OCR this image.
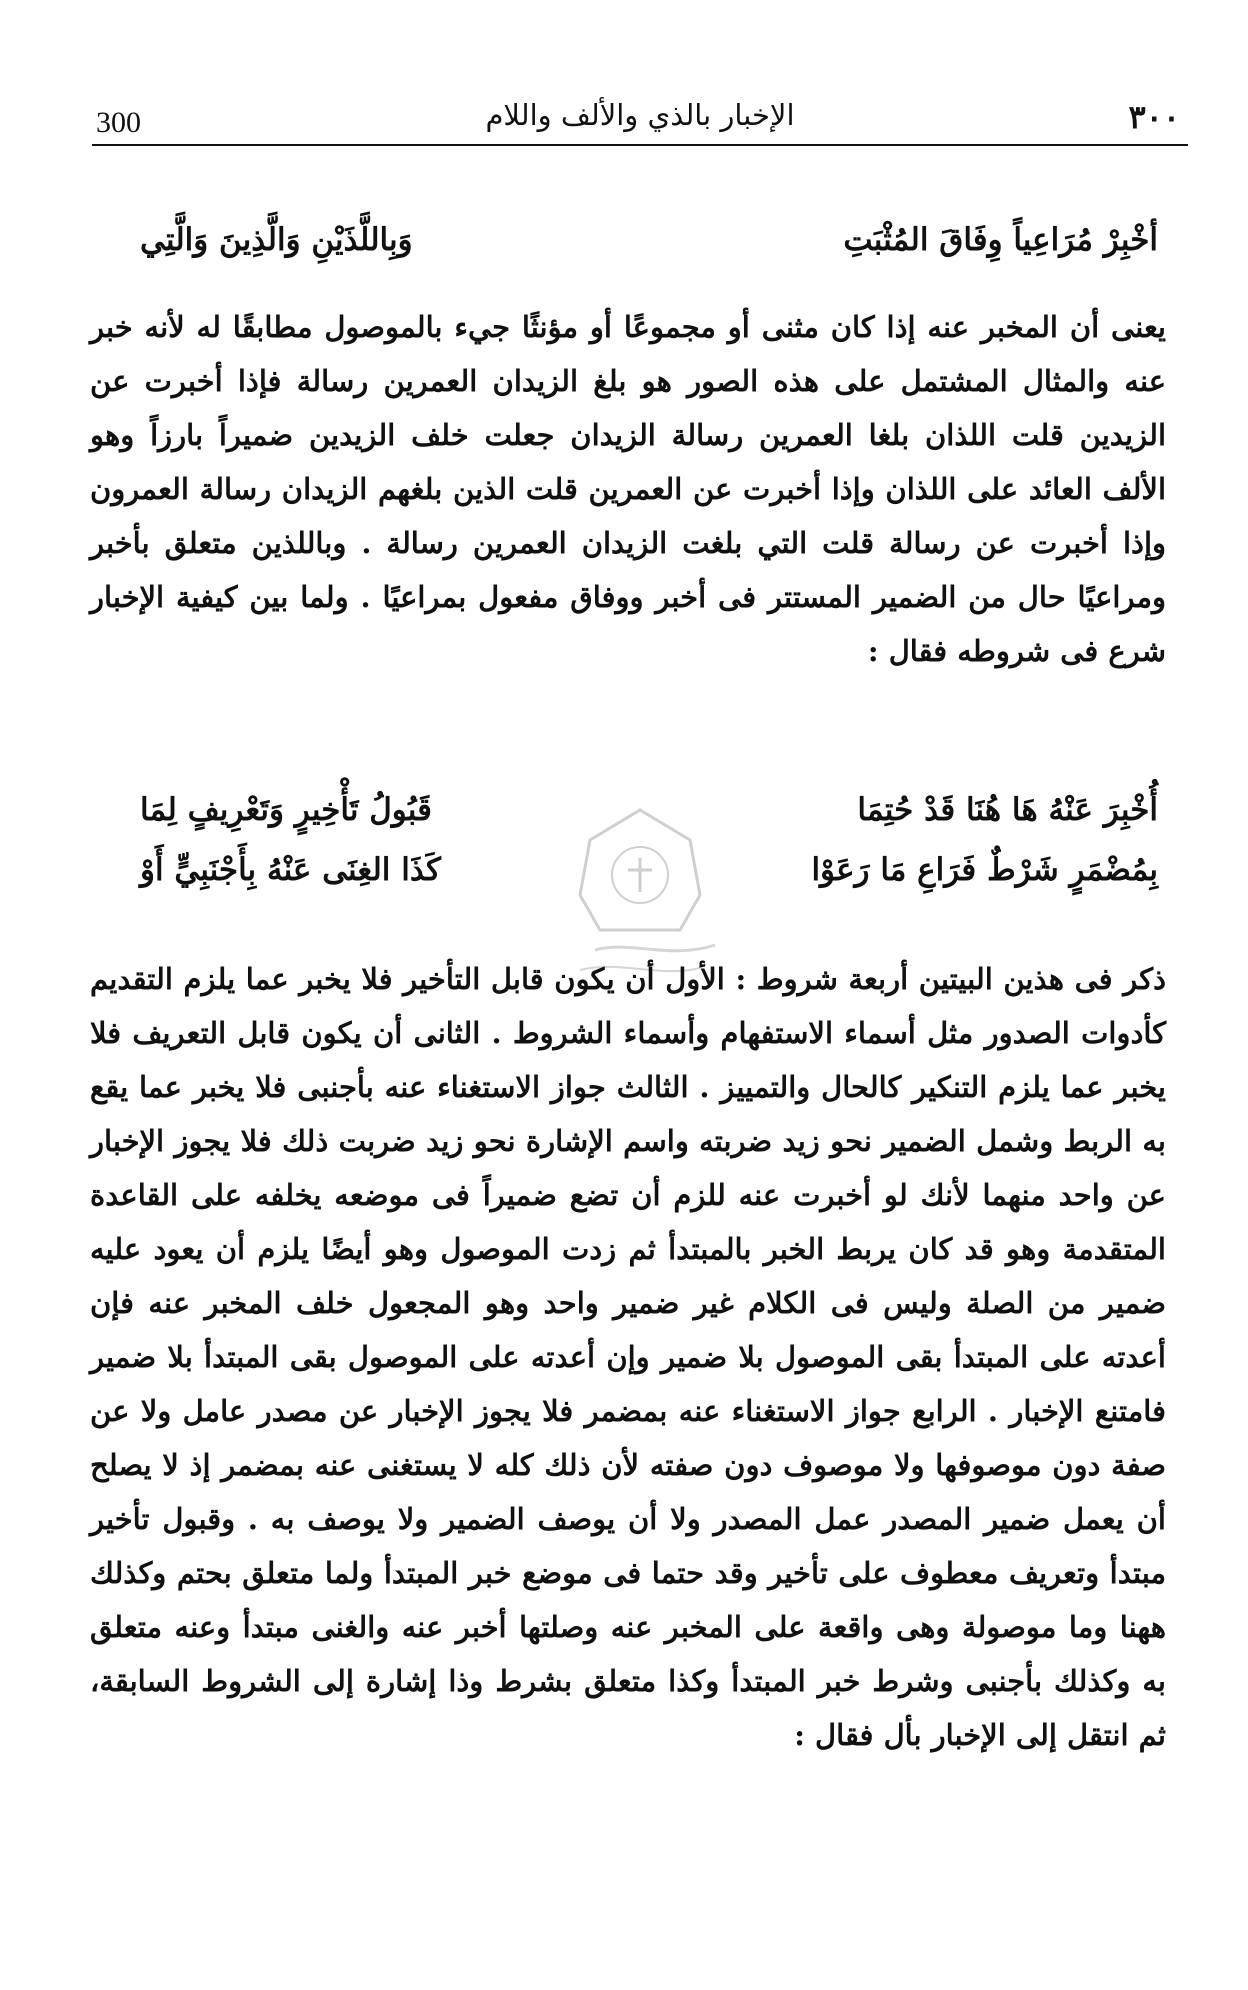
300	الإخبار بالذي والألف واللام	٣٠٠
وَبِاللَّذَيْنِ وَالَّذِينَ وَالَّتِي	أخْبِرْ مُرَاعِياً وِفَاقَ المُثْبَتِ
يعنى أن المخبر عنه إذا كان مثنى أو مجموعًا أو مؤنثًا جيء بالموصول مطابقًا له لأنه خبر عنه والمثال المشتمل على هذه الصور هو بلغ الزيدان العمرين رسالة فإذا أخبرت عن الزيدين قلت اللذان بلغا العمرين رسالة الزيدان جعلت خلف الزيدين ضميراً بارزاً وهو الألف العائد على اللذان وإذا أخبرت عن العمرين قلت الذين بلغهم الزيدان رسالة العمرون وإذا أخبرت عن رسالة قلت التي بلغت الزيدان العمرين رسالة . وباللذين متعلق بأخبر ومراعيًا حال من الضمير المستتر فى أخبر ووفاق مفعول بمراعيًا . ولما بين كيفية الإخبار شرع فى شروطه فقال :
قَبُولُ تَأْخِيرٍ وَتَعْرِيفٍ لِمَا	أُخْبِرَ عَنْهُ هَا هُنَا قَدْ حُتِمَا
كَذَا الغِنَى عَنْهُ بِأَجْنَبِيٍّ أَوْ	بِمُضْمَرٍ شَرْطٌ فَرَاعِ مَا رَعَوْا
ذكر فى هذين البيتين أربعة شروط : الأول أن يكون قابل التأخير فلا يخبر عما يلزم التقديم كأدوات الصدور مثل أسماء الاستفهام وأسماء الشروط . الثانى أن يكون قابل التعريف فلا يخبر عما يلزم التنكير كالحال والتمييز . الثالث جواز الاستغناء عنه بأجنبى فلا يخبر عما يقع به الربط وشمل الضمير نحو زيد ضربته واسم الإشارة نحو زيد ضربت ذلك فلا يجوز الإخبار عن واحد منهما لأنك لو أخبرت عنه للزم أن تضع ضميراً فى موضعه يخلفه على القاعدة المتقدمة وهو قد كان يربط الخبر بالمبتدأ ثم زدت الموصول وهو أيضًا يلزم أن يعود عليه ضمير من الصلة وليس فى الكلام غير ضمير واحد وهو المجعول خلف المخبر عنه فإن أعدته على المبتدأ بقى الموصول بلا ضمير وإن أعدته على الموصول بقى المبتدأ بلا ضمير فامتنع الإخبار . الرابع جواز الاستغناء عنه بمضمر فلا يجوز الإخبار عن مصدر عامل ولا عن صفة دون موصوفها ولا موصوف دون صفته لأن ذلك كله لا يستغنى عنه بمضمر إذ لا يصلح أن يعمل ضمير المصدر عمل المصدر ولا أن يوصف الضمير ولا يوصف به . وقبول تأخير مبتدأ وتعريف معطوف على تأخير وقد حتما فى موضع خبر المبتدأ ولما متعلق بحتم وكذلك ههنا وما موصولة وهى واقعة على المخبر عنه وصلتها أخبر عنه والغنى مبتدأ وعنه متعلق به وكذلك بأجنبى وشرط خبر المبتدأ وكذا متعلق بشرط وذا إشارة إلى الشروط السابقة، ثم انتقل إلى الإخبار بأل فقال :
